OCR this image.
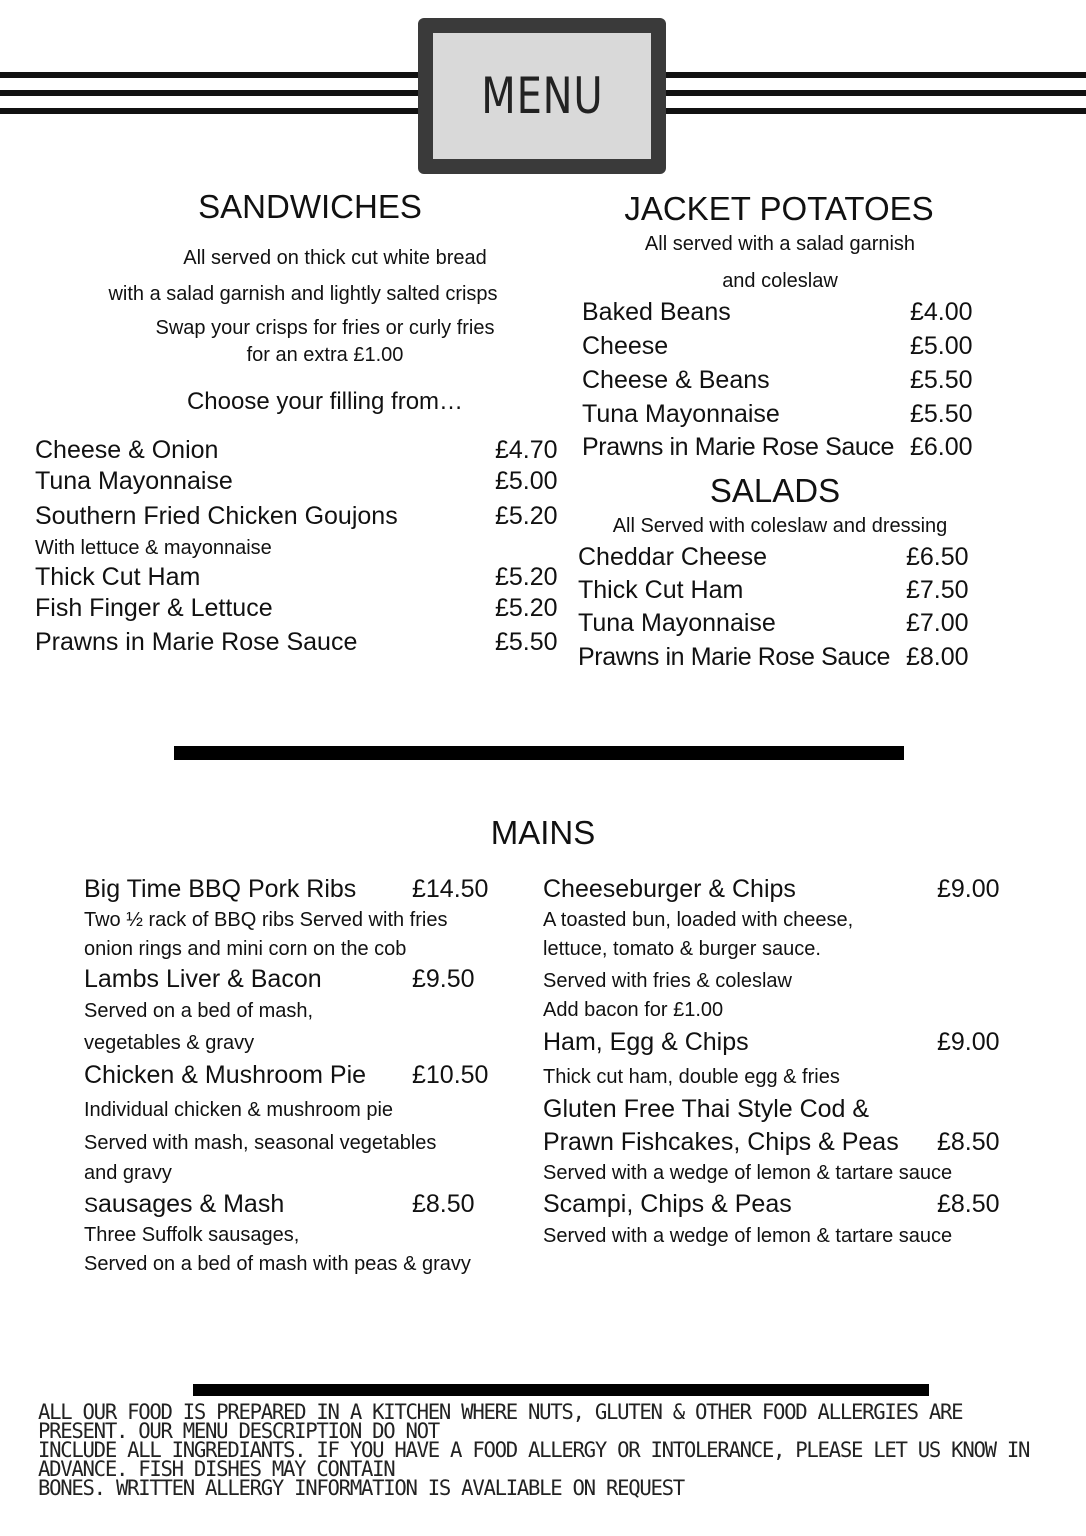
MENU
SANDWICHES
All served on thick cut white bread
with a salad garnish and lightly salted crisps
Swap your crisps for fries or curly fries
for an extra £1.00
Choose your filling from…
Cheese & Onion	£4.70
Tuna Mayonnaise	£5.00
Southern Fried Chicken Goujons	£5.20
With lettuce & mayonnaise
Thick Cut Ham	£5.20
Fish Finger & Lettuce	£5.20
Prawns in Marie Rose Sauce	£5.50
JACKET POTATOES
All served with a salad garnish
and coleslaw
Baked Beans	£4.00
Cheese	£5.00
Cheese & Beans	£5.50
Tuna Mayonnaise	£5.50
Prawns in Marie Rose Sauce £6.00
SALADS
All Served with coleslaw and dressing
Cheddar Cheese	£6.50
Thick Cut Ham	£7.50
Tuna Mayonnaise	£7.00
Prawns in Marie Rose Sauce £8.00
MAINS
Big Time BBQ Pork Ribs £14.50
Two ½ rack of BBQ ribs Served with fries
onion rings and mini corn on the cob
Lambs Liver & Bacon	£9.50
Served on a bed of mash,
vegetables & gravy
Chicken & Mushroom Pie £10.50
Individual chicken & mushroom pie
Served with mash, seasonal vegetables
and gravy
Sausages & Mash	£8.50
Three Suffolk sausages,
Served on a bed of mash with peas & gravy
Cheeseburger & Chips	£9.00
A toasted bun, loaded with cheese,
lettuce, tomato & burger sauce.
Served with fries & coleslaw
Add bacon for £1.00
Ham, Egg & Chips	£9.00
Thick cut ham, double egg & fries
Gluten Free Thai Style Cod &
Prawn Fishcakes, Chips & Peas £8.50
Served with a wedge of lemon & tartare sauce
Scampi, Chips & Peas	£8.50
Served with a wedge of lemon & tartare sauce
ALL OUR FOOD IS PREPARED IN A KITCHEN WHERE NUTS, GLUTEN & OTHER FOOD ALLERGIES ARE PRESENT. OUR MENU DESCRIPTION DO NOT
INCLUDE ALL INGREDIANTS. IF YOU HAVE A FOOD ALLERGY OR INTOLERANCE, PLEASE LET US KNOW IN ADVANCE. FISH DISHES MAY CONTAIN
BONES. WRITTEN ALLERGY INFORMATION IS AVALIABLE ON REQUEST
